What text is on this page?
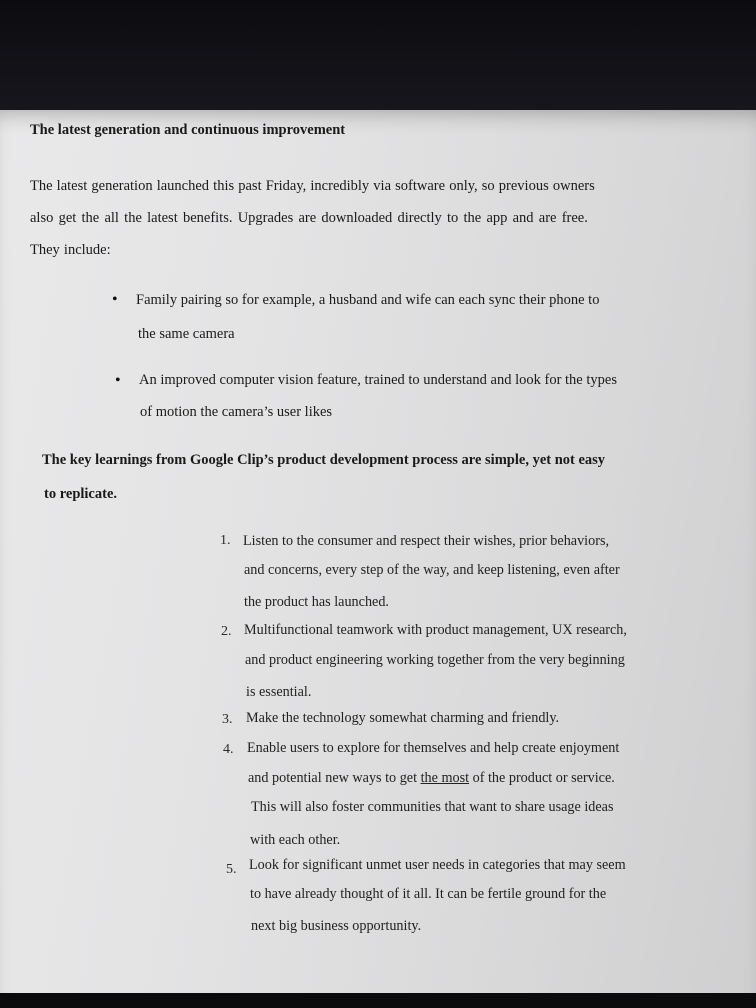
The latest generation and continuous improvement
The latest generation launched this past Friday, incredibly via software only, so previous owners
also get the all the latest benefits. Upgrades are downloaded directly to the app and are free.
They include:
• Family pairing so for example, a husband and wife can each sync their phone to
the same camera
• An improved computer vision feature, trained to understand and look for the types
of motion the camera’s user likes
The key learnings from Google Clip’s product development process are simple, yet not easy
to replicate.
1. Listen to the consumer and respect their wishes, prior behaviors,
and concerns, every step of the way, and keep listening, even after
the product has launched.
2. Multifunctional teamwork with product management, UX research,
and product engineering working together from the very beginning
is essential.
3. Make the technology somewhat charming and friendly.
4. Enable users to explore for themselves and help create enjoyment
and potential new ways to get the most of the product or service.
This will also foster communities that want to share usage ideas
with each other.
5. Look for significant unmet user needs in categories that may seem
to have already thought of it all. It can be fertile ground for the
next big business opportunity.
